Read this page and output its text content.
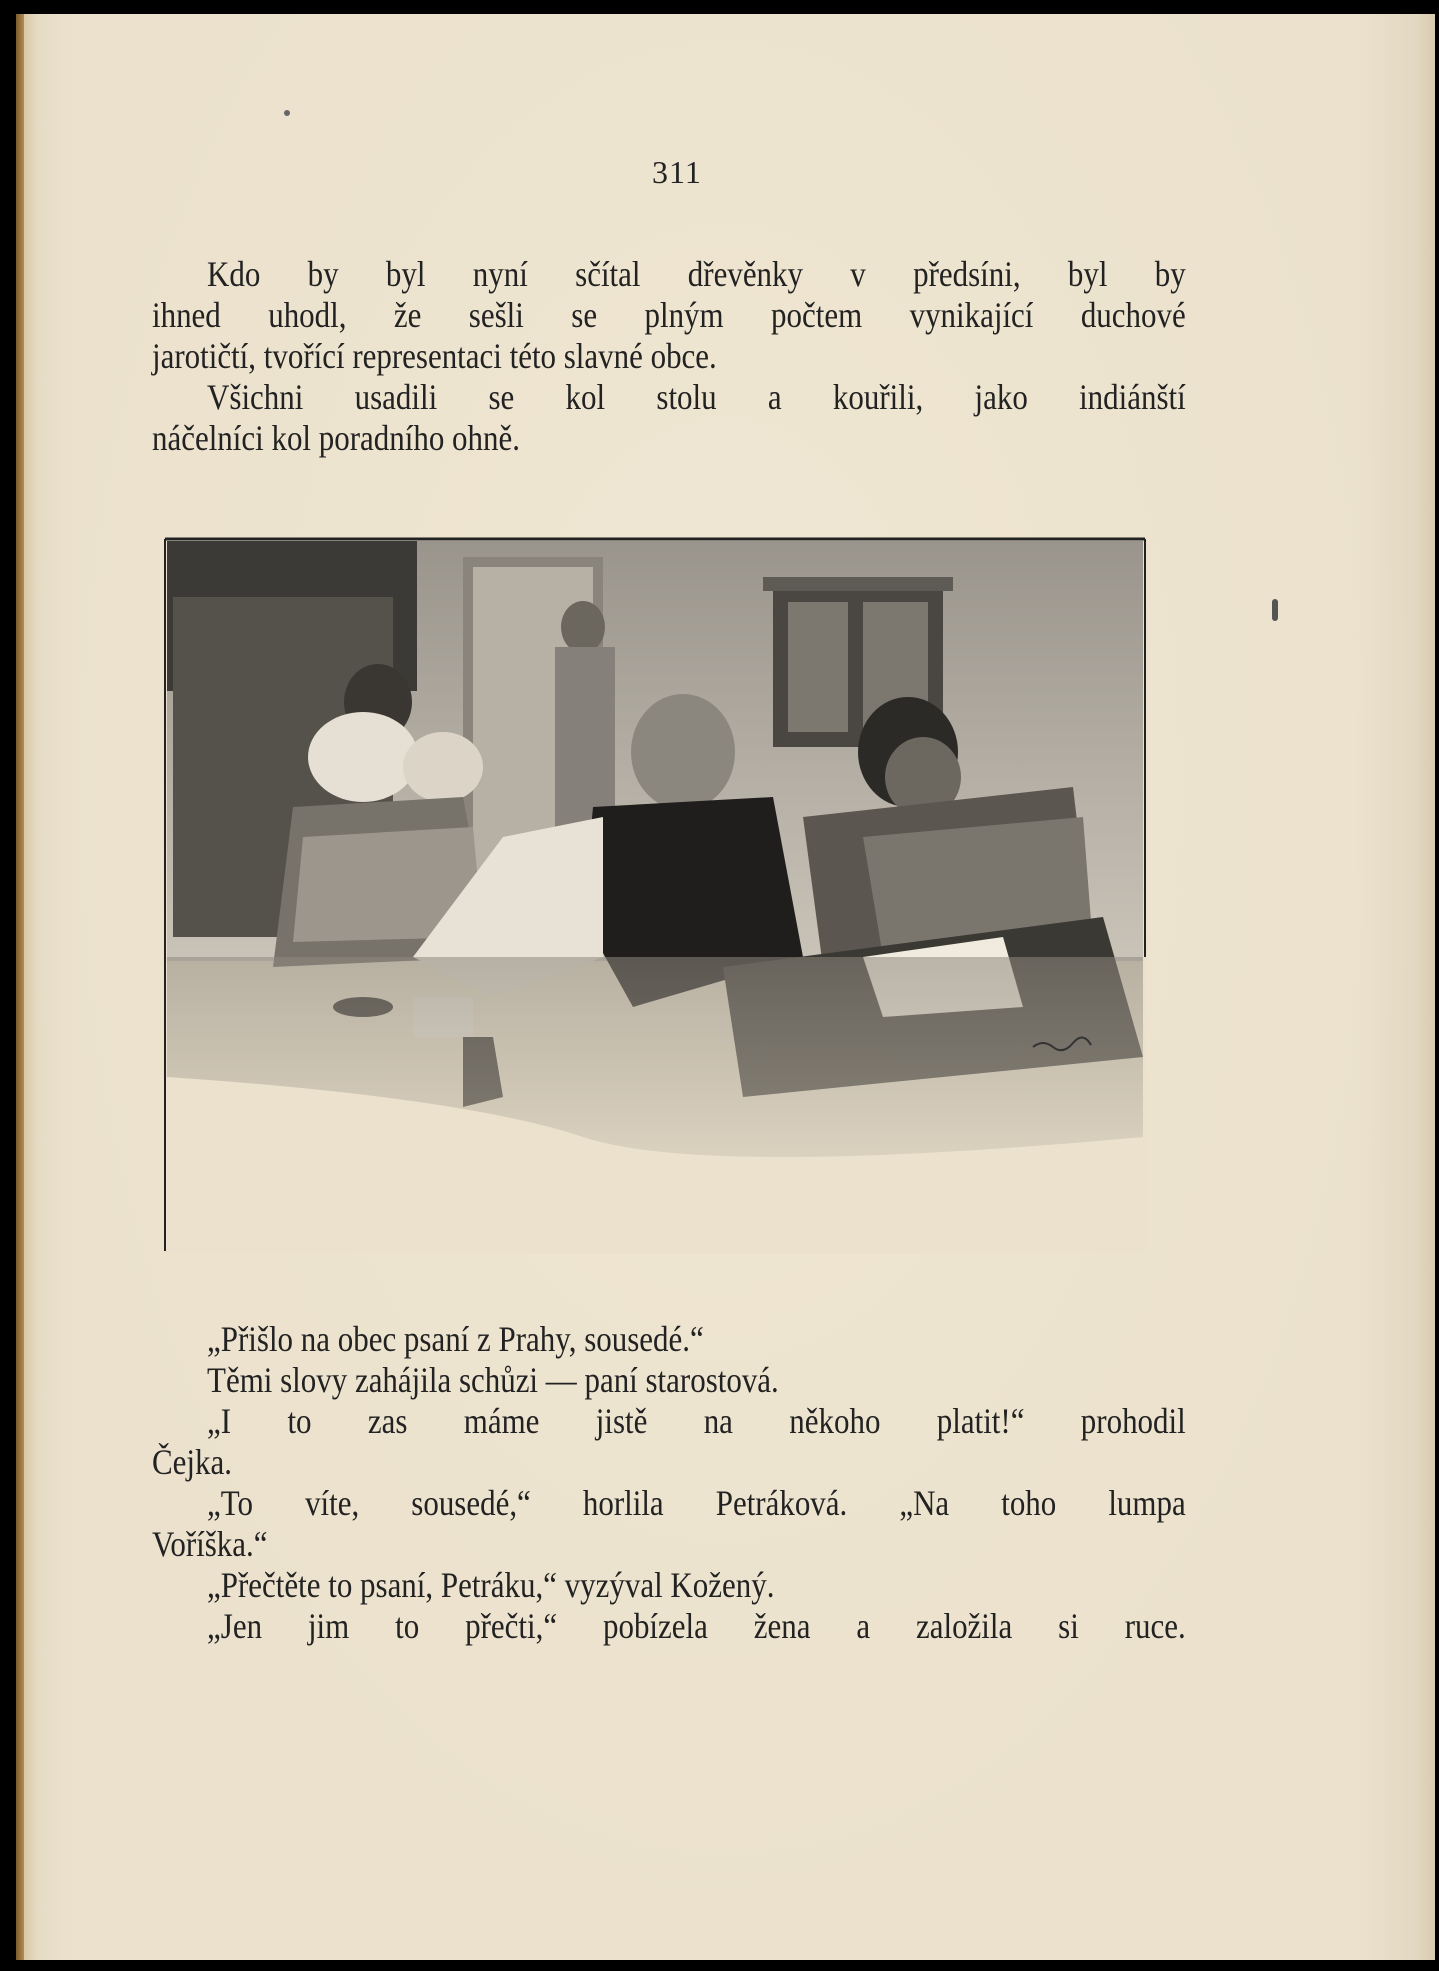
311
Kdo by byl nyní sčítal dřevěnky v předsíni, byl by
ihned uhodl, že sešli se plným počtem vynikající duchové
jarotičtí, tvořící representaci této slavné obce.
Všichni usadili se kol stolu a kouřili, jako indiánští
náčelníci kol poradního ohně.
„Přišlo na obec psaní z Prahy, sousedé.“
Těmi slovy zahájila schůzi — paní starostová.
„I to zas máme jistě na někoho platit!“ prohodil
Čejka.
„To víte, sousedé,“ horlila Petráková. „Na toho lumpa
Voříška.“
„Přečtěte to psaní, Petráku,“ vyzýval Kožený.
„Jen jim to přečti,“ pobízela žena a založila si ruce.
